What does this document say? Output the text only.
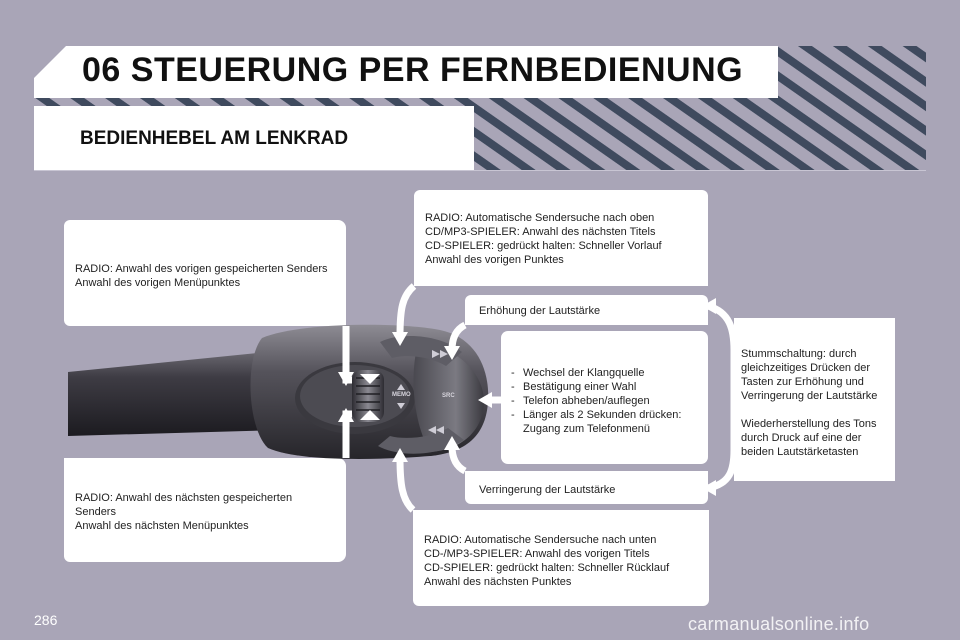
06 STEUERUNG PER FERNBEDIENUNG
BEDIENHEBEL AM LENKRAD
RADIO: Anwahl des vorigen gespeicherten Senders
Anwahl des vorigen Menüpunktes
RADIO: Anwahl des nächsten gespeicherten
Senders
Anwahl des nächsten Menüpunktes
RADIO: Automatische Sendersuche nach oben
CD/MP3-SPIELER: Anwahl des nächsten Titels
CD-SPIELER: gedrückt halten: Schneller Vorlauf
Anwahl des vorigen Punktes
Erhöhung der Lautstärke
- Wechsel der Klangquelle
- Bestätigung einer Wahl
- Telefon abheben/auflegen
- Länger als 2 Sekunden drücken: Zugang zum Telefonmenü
Verringerung der Lautstärke
RADIO: Automatische Sendersuche nach unten
CD-/MP3-SPIELER: Anwahl des vorigen Titels
CD-SPIELER: gedrückt halten: Schneller Rücklauf
Anwahl des nächsten Punktes

Stummschaltung: durch gleichzeitiges Drücken der Tasten zur Erhöhung und Verringerung der Lautstärke

Wiederherstellung des Tons durch Druck auf eine der beiden Lautstärketasten

MEMO	SRC
286	carmanualsonline.info
